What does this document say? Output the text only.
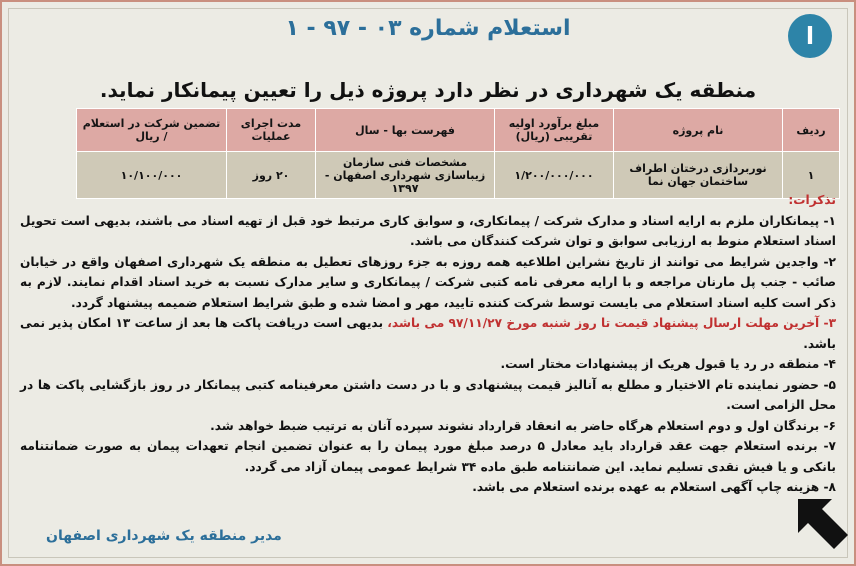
ا
استعلام شماره ۰۳ - ۹۷ - ۱
منطقه یک شهرداری در نظر دارد پروژه ذیل را تعیین پیمانکار نماید.
ردیف	نام پروژه	مبلغ برآورد اولیه تقریبی (ریال)	فهرست بها - سال	مدت اجرای عملیات	تضمین شرکت در استعلام / ریال
۱	نوربردازی درختان اطراف ساختمان جهان نما	۱/۲۰۰/۰۰۰/۰۰۰	مشخصات فنی سازمان زیباسازی شهرداری اصفهان - ۱۳۹۷	۲۰ روز	۱۰/۱۰۰/۰۰۰

تذکرات:

۱- پیمانکاران ملزم به ارایه اسناد و مدارک شرکت / پیمانکاری، و سوابق کاری مرتبط خود قبل از تهیه اسناد می باشند، بدیهی است تحویل اسناد استعلام منوط به ارزیابی سوابق و توان شرکت کنندگان می باشد.

۲- واجدین شرایط می توانند از تاریخ نشراین اطلاعیه همه روزه به جزء روزهای تعطیل به منطقه یک شهرداری اصفهان واقع در خیابان صائب - جنب پل مارنان مراجعه و با ارایه معرفی نامه کتبی شرکت / پیمانکاری و سایر مدارک نسبت به خرید اسناد اقدام نمایند. لازم به ذکر است کلیه اسناد استعلام می بایست توسط شرکت کننده تایید، مهر و امضا شده و طبق شرایط استعلام ضمیمه پیشنهاد گردد.

۳- آخرین مهلت ارسال پیشنهاد قیمت تا روز شنبه مورخ ۹۷/۱۱/۲۷ می باشد، بدیهی است دریافت پاکت ها بعد از ساعت ۱۳ امکان پذیر نمی باشد.

۴- منطقه در رد یا قبول هریک از پیشنهادات مختار است.

۵- حضور نماینده تام الاختیار و مطلع به آنالیز قیمت پیشنهادی و با در دست داشتن معرفینامه کتبی پیمانکار در روز بازگشایی پاکت ها در محل الزامی است.

۶- برندگان اول و دوم استعلام هرگاه حاضر به انعقاد قرارداد نشوند سپرده آنان به ترتیب ضبط خواهد شد.

۷- برنده استعلام جهت عقد قرارداد باید معادل ۵ درصد مبلغ مورد پیمان را به عنوان تضمین انجام تعهدات پیمان به صورت ضمانتنامه بانکی و یا فیش نقدی تسلیم نماید. این ضمانتنامه طبق ماده ۳۴ شرایط عمومی پیمان آزاد می گردد.

۸- هزینه چاپ آگهی استعلام به عهده برنده استعلام می باشد.

مدیر منطقه یک شهرداری اصفهان
